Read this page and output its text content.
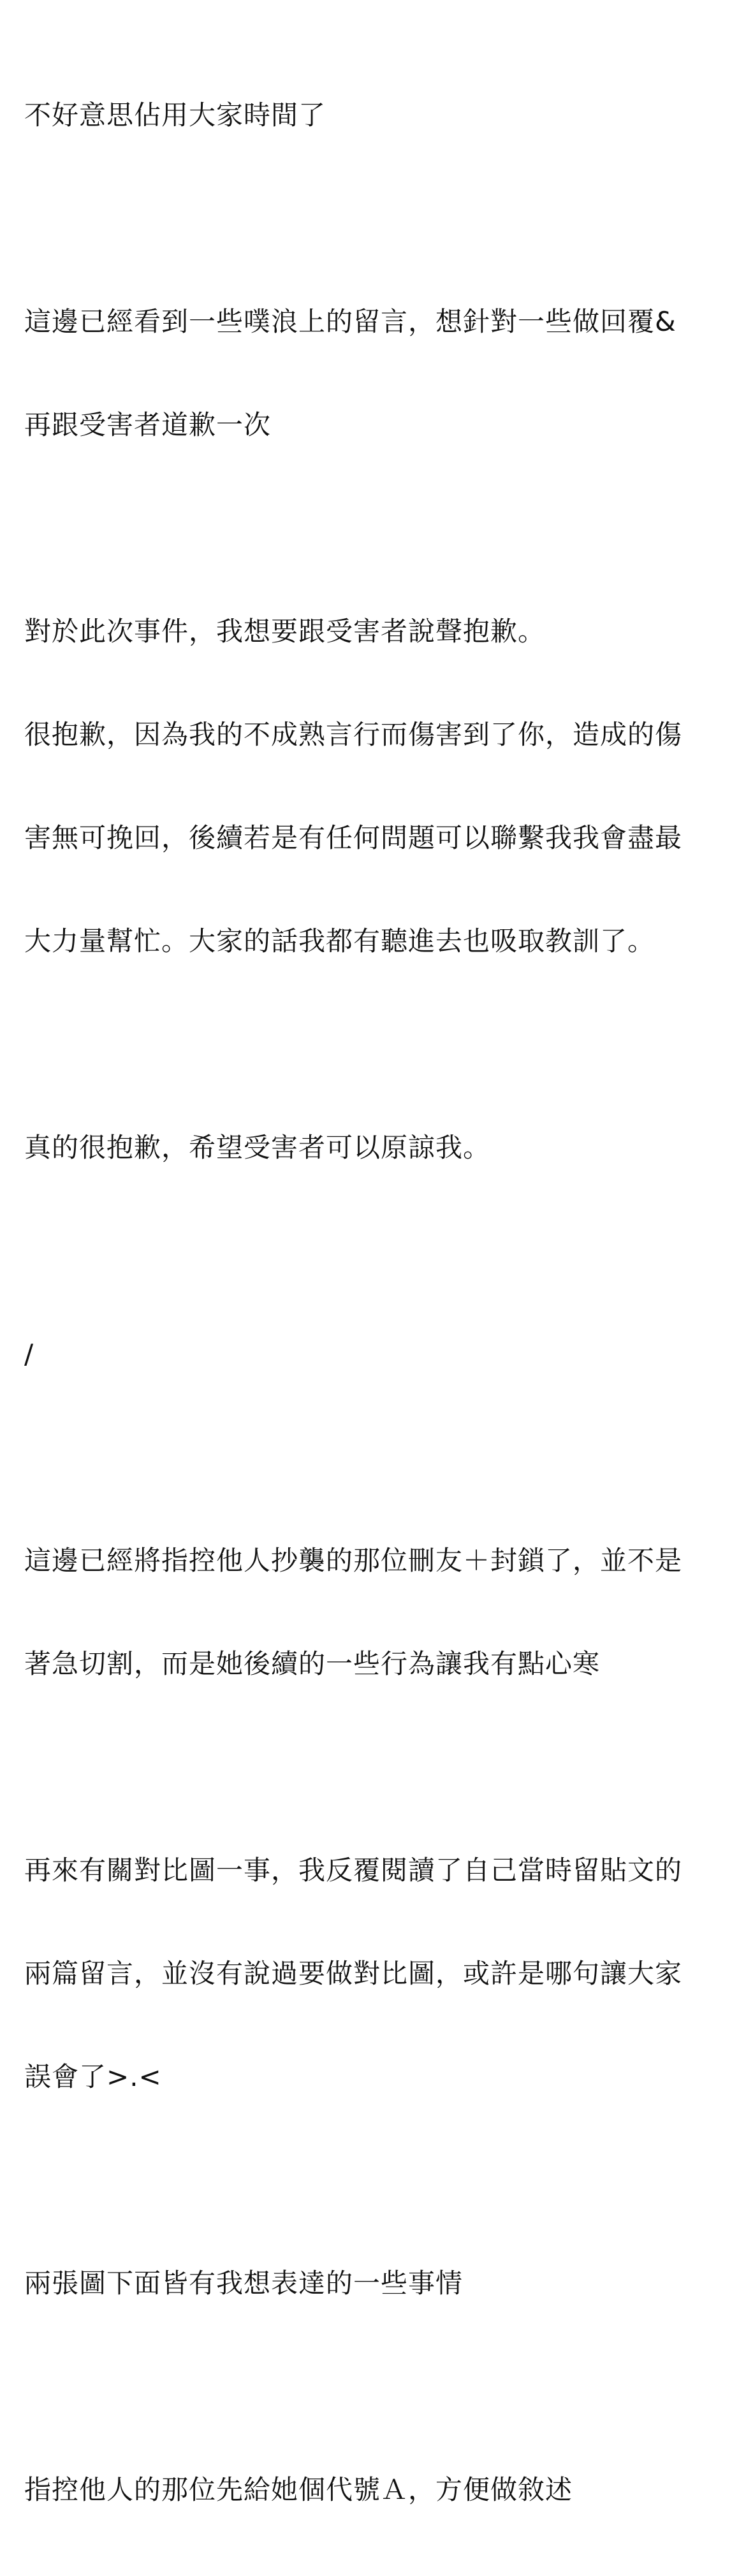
不好意思佔用大家時間了

這邊已經看到一些噗浪上的留言，想針對一些做回覆&

再跟受害者道歉一次

對於此次事件，我想要跟受害者說聲抱歉。

很抱歉，因為我的不成熟言行而傷害到了你，造成的傷

害無可挽回，後續若是有任何問題可以聯繫我我會盡最

大力量幫忙。大家的話我都有聽進去也吸取教訓了。

真的很抱歉，希望受害者可以原諒我。

/

這邊已經將指控他人抄襲的那位刪友＋封鎖了，並不是

著急切割，而是她後續的一些行為讓我有點心寒

再來有關對比圖一事，我反覆閱讀了自己當時留貼文的

兩篇留言，並沒有說過要做對比圖，或許是哪句讓大家

誤會了>.<

兩張圖下面皆有我想表達的一些事情

指控他人的那位先給她個代號Ａ，方便做敘述
